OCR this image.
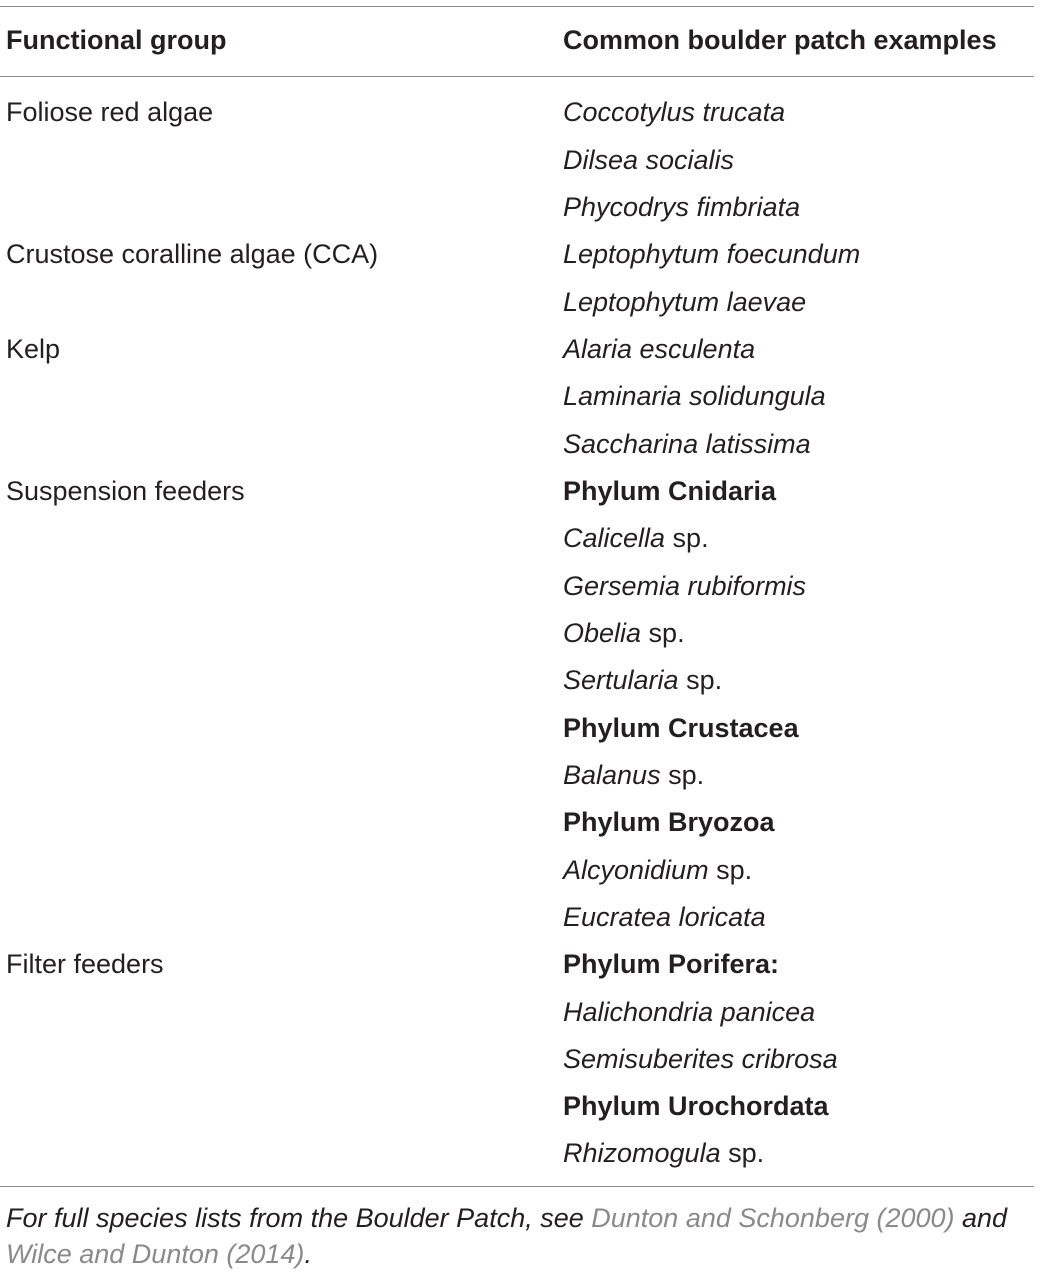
Functional group	Common boulder patch examples
Foliose red algae
Crustose coralline algae (CCA)
Kelp
Suspension feeders
Filter feeders
Coccotylus trucata
Dilsea socialis
Phycodrys fimbriata
Leptophytum foecundum
Leptophytum laevae
Alaria esculenta
Laminaria solidungula
Saccharina latissima
Phylum Cnidaria
Calicella sp.
Gersemia rubiformis
Obelia sp.
Sertularia sp.
Phylum Crustacea
Balanus sp.
Phylum Bryozoa
Alcyonidium sp.
Eucratea loricata
Phylum Porifera:
Halichondria panicea
Semisuberites cribrosa
Phylum Urochordata
Rhizomogula sp.
For full species lists from the Boulder Patch, see Dunton and Schonberg (2000) and Wilce and Dunton (2014).
